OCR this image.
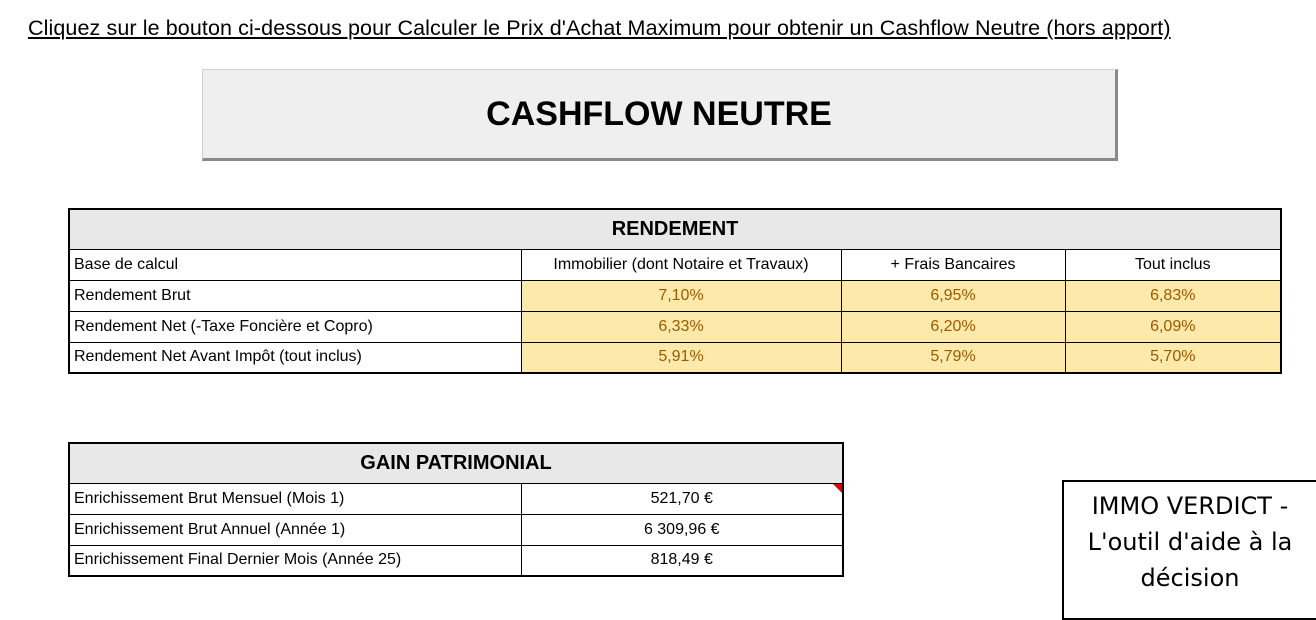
Cliquez sur le bouton ci-dessous pour Calculer le Prix d'Achat Maximum pour obtenir un Cashflow Neutre (hors apport)
CASHFLOW NEUTRE
RENDEMENT			
Base de calcul	Immobilier (dont Notaire et Travaux)	+ Frais Bancaires	Tout inclus
Rendement Brut	7,10%	6,95%	6,83%
Rendement Net (-Taxe Foncière et Copro)	6,33%	6,20%	6,09%
Rendement Net Avant Impôt (tout inclus)	5,91%	5,79%	5,70%
GAIN PATRIMONIAL	
Enrichissement Brut Mensuel (Mois 1)	521,70 €

Enrichissement Brut Annuel (Année 1)	6 309,96 €
Enrichissement Final Dernier Mois (Année 25)	818,49 €
IMMO VERDICT -
L'outil d'aide à la
décision
